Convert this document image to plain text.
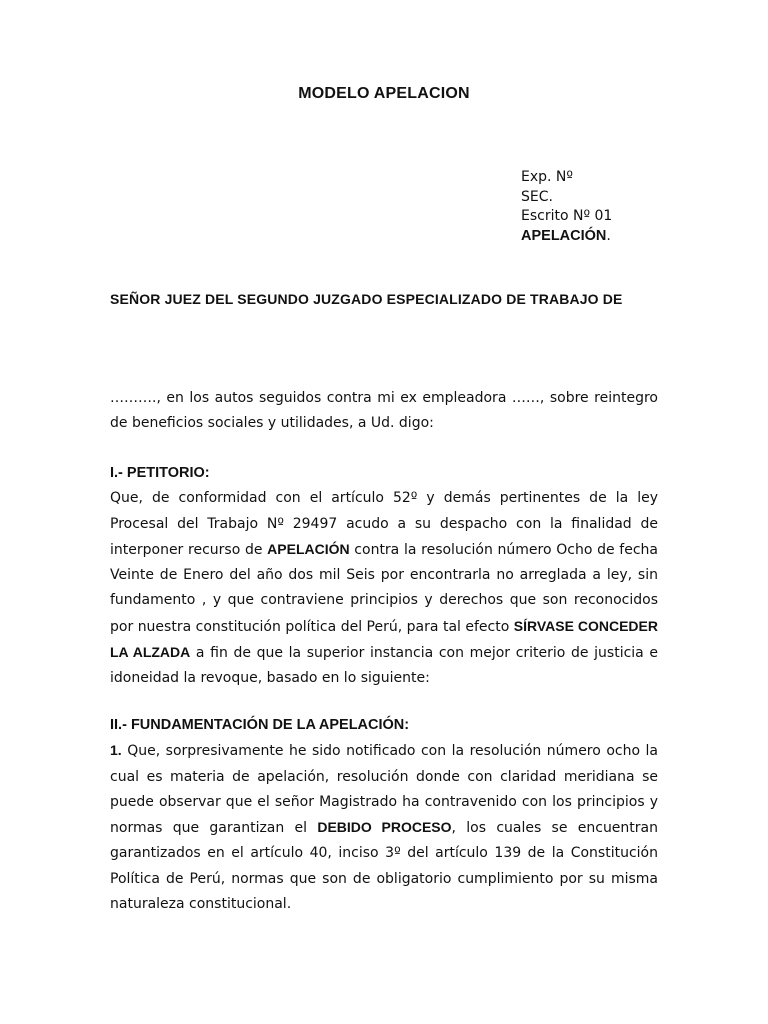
MODELO APELACION
Exp. Nº
SEC.
Escrito Nº 01
APELACIÓN.
SEÑOR JUEZ DEL SEGUNDO JUZGADO ESPECIALIZADO DE TRABAJO DE

………., en los autos seguidos contra mi ex empleadora ……, sobre reintegro de beneficios sociales y utilidades, a Ud. digo:

I.- PETITORIO:

Que, de conformidad con el artículo 52º y demás pertinentes de la ley Procesal del Trabajo Nº 29497 acudo a su despacho con la finalidad de interponer recurso de APELACIÓN contra la resolución número Ocho de fecha Veinte de Enero del año dos mil Seis por encontrarla no arreglada a ley, sin fundamento , y que contraviene principios y derechos que son reconocidos por nuestra constitución política del Perú, para tal efecto SÍRVASE CONCEDER LA ALZADA a fin de que la superior instancia con mejor criterio de justicia e idoneidad la revoque, basado en lo siguiente:

II.- FUNDAMENTACIÓN DE LA APELACIÓN:

1. Que, sorpresivamente he sido notificado con la resolución número ocho la cual es materia de apelación, resolución donde con claridad meridiana se puede observar que el señor Magistrado ha contravenido con los principios y normas que garantizan el DEBIDO PROCESO, los cuales se encuentran garantizados en el artículo 40, inciso 3º del artículo 139 de la Constitución Política de Perú, normas que son de obligatorio cumplimiento por su misma naturaleza constitucional.
